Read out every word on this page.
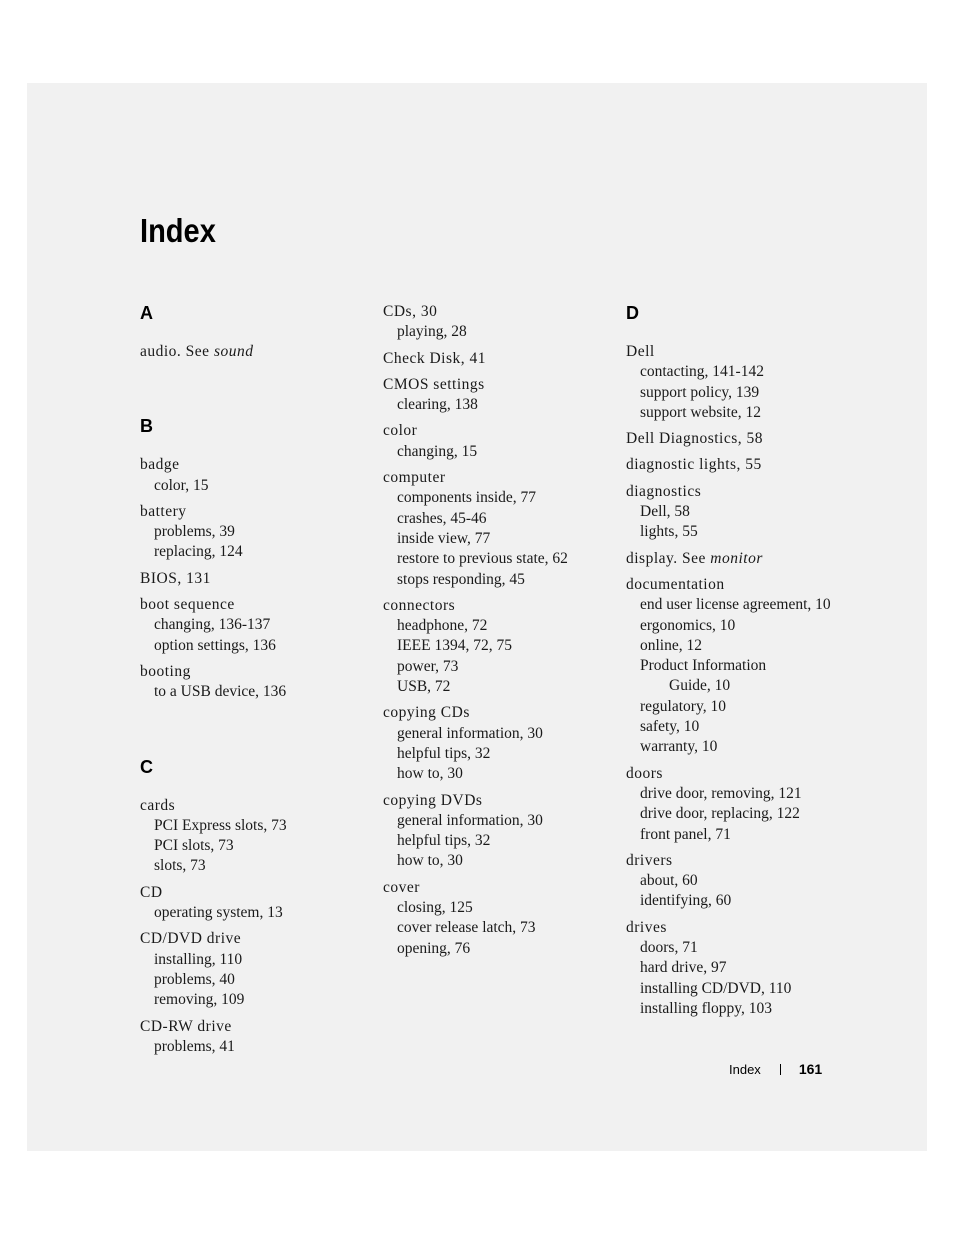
Index
A
audio. See sound
B
badge
color, 15
battery
problems, 39
replacing, 124
BIOS, 131
boot sequence
changing, 136-137
option settings, 136
booting
to a USB device, 136
C
cards
PCI Express slots, 73
PCI slots, 73
slots, 73
CD
operating system, 13
CD/DVD drive
installing, 110
problems, 40
removing, 109
CD-RW drive
problems, 41
CDs, 30
playing, 28
Check Disk, 41
CMOS settings
clearing, 138
color
changing, 15
computer
components inside, 77
crashes, 45-46
inside view, 77
restore to previous state, 62
stops responding, 45
connectors
headphone, 72
IEEE 1394, 72, 75
power, 73
USB, 72
copying CDs
general information, 30
helpful tips, 32
how to, 30
copying DVDs
general information, 30
helpful tips, 32
how to, 30
cover
closing, 125
cover release latch, 73
opening, 76
D
Dell
contacting, 141-142
support policy, 139
support website, 12
Dell Diagnostics, 58
diagnostic lights, 55
diagnostics
Dell, 58
lights, 55
display. See monitor
documentation
end user license agreement, 10
ergonomics, 10
online, 12
Product Information
Guide, 10
regulatory, 10
safety, 10
warranty, 10
doors
drive door, removing, 121
drive door, replacing, 122
front panel, 71
drivers
about, 60
identifying, 60
drives
doors, 71
hard drive, 97
installing CD/DVD, 110
installing floppy, 103
Index	161
